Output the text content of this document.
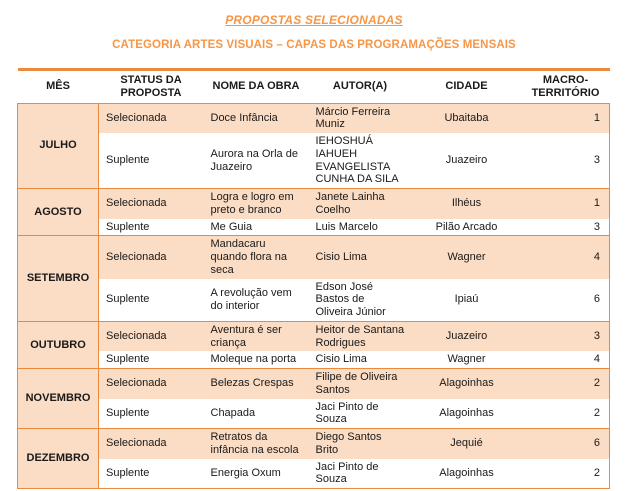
PROPOSTAS SELECIONADAS
CATEGORIA ARTES VISUAIS – CAPAS DAS PROGRAMAÇÕES MENSAIS
MÊS	STATUS DA PROPOSTA	NOME DA OBRA	AUTOR(A)	CIDADE	MACRO-TERRITÓRIO
JULHO	Selecionada	Doce Infância	Márcio Ferreira Muniz	Ubaitaba	1
	Suplente	Aurora na Orla de Juazeiro	IEHOSHUÁ IAHUEH EVANGELISTA CUNHA DA SILA	Juazeiro	3
AGOSTO	Selecionada	Logra e logro em preto e branco	Janete Lainha Coelho	Ilhéus	1
	Suplente	Me Guia	Luis Marcelo	Pilão Arcado	3
SETEMBRO	Selecionada	Mandacaru quando flora na seca	Cisio Lima	Wagner	4
	Suplente	A revolução vem do interior	Edson José Bastos de Oliveira Júnior	Ipiaú	6
OUTUBRO	Selecionada	Aventura é ser criança	Heitor de Santana Rodrigues	Juazeiro	3
	Suplente	Moleque na porta	Cisio Lima	Wagner	4
NOVEMBRO	Selecionada	Belezas Crespas	Filipe de Oliveira Santos	Alagoinhas	2
	Suplente	Chapada	Jaci Pinto de Souza	Alagoinhas	2
DEZEMBRO	Selecionada	Retratos da infância na escola	Diego Santos Brito	Jequié	6
	Suplente	Energia Oxum	Jaci Pinto de Souza	Alagoinhas	2
